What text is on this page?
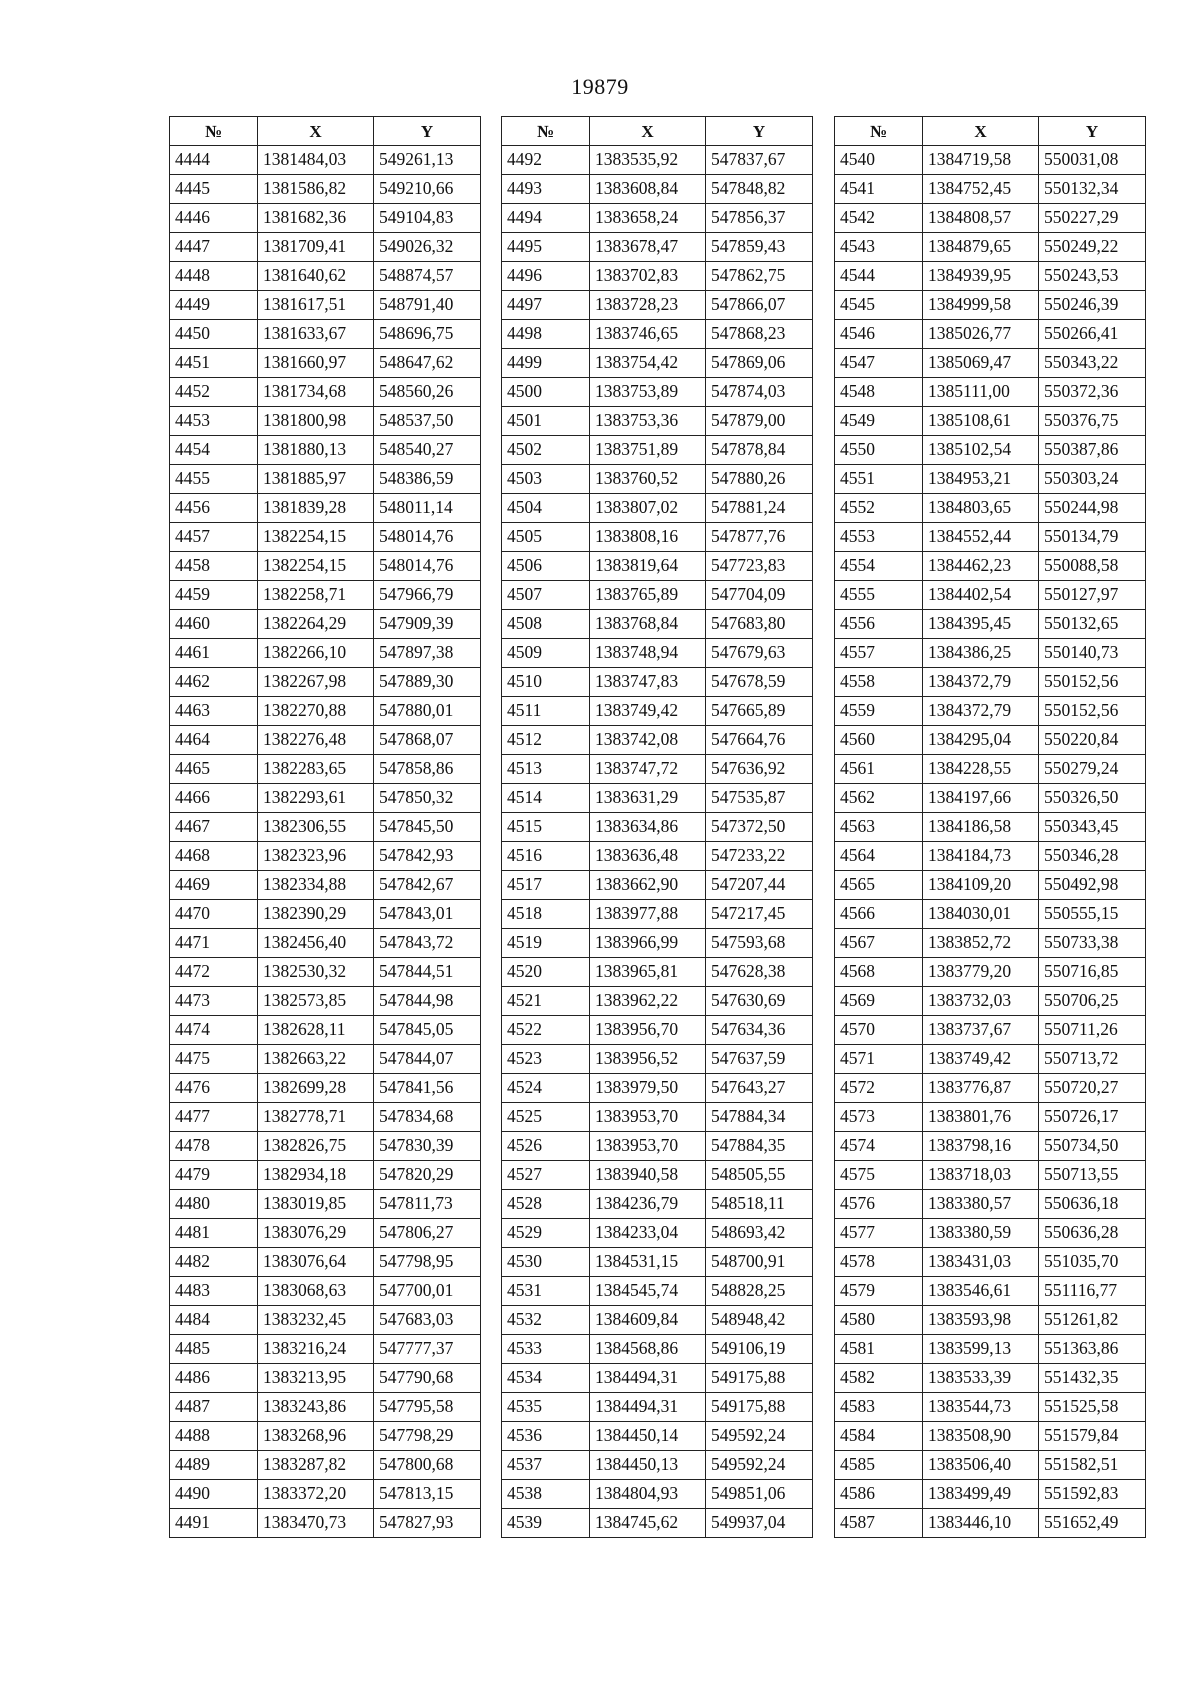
19879
№	X	Y
4444	1381484,03	549261,13
4445	1381586,82	549210,66
4446	1381682,36	549104,83
4447	1381709,41	549026,32
4448	1381640,62	548874,57
4449	1381617,51	548791,40
4450	1381633,67	548696,75
4451	1381660,97	548647,62
4452	1381734,68	548560,26
4453	1381800,98	548537,50
4454	1381880,13	548540,27
4455	1381885,97	548386,59
4456	1381839,28	548011,14
4457	1382254,15	548014,76
4458	1382254,15	548014,76
4459	1382258,71	547966,79
4460	1382264,29	547909,39
4461	1382266,10	547897,38
4462	1382267,98	547889,30
4463	1382270,88	547880,01
4464	1382276,48	547868,07
4465	1382283,65	547858,86
4466	1382293,61	547850,32
4467	1382306,55	547845,50
4468	1382323,96	547842,93
4469	1382334,88	547842,67
4470	1382390,29	547843,01
4471	1382456,40	547843,72
4472	1382530,32	547844,51
4473	1382573,85	547844,98
4474	1382628,11	547845,05
4475	1382663,22	547844,07
4476	1382699,28	547841,56
4477	1382778,71	547834,68
4478	1382826,75	547830,39
4479	1382934,18	547820,29
4480	1383019,85	547811,73
4481	1383076,29	547806,27
4482	1383076,64	547798,95
4483	1383068,63	547700,01
4484	1383232,45	547683,03
4485	1383216,24	547777,37
4486	1383213,95	547790,68
4487	1383243,86	547795,58
4488	1383268,96	547798,29
4489	1383287,82	547800,68
4490	1383372,20	547813,15
4491	1383470,73	547827,93
№	X	Y
4492	1383535,92	547837,67
4493	1383608,84	547848,82
4494	1383658,24	547856,37
4495	1383678,47	547859,43
4496	1383702,83	547862,75
4497	1383728,23	547866,07
4498	1383746,65	547868,23
4499	1383754,42	547869,06
4500	1383753,89	547874,03
4501	1383753,36	547879,00
4502	1383751,89	547878,84
4503	1383760,52	547880,26
4504	1383807,02	547881,24
4505	1383808,16	547877,76
4506	1383819,64	547723,83
4507	1383765,89	547704,09
4508	1383768,84	547683,80
4509	1383748,94	547679,63
4510	1383747,83	547678,59
4511	1383749,42	547665,89
4512	1383742,08	547664,76
4513	1383747,72	547636,92
4514	1383631,29	547535,87
4515	1383634,86	547372,50
4516	1383636,48	547233,22
4517	1383662,90	547207,44
4518	1383977,88	547217,45
4519	1383966,99	547593,68
4520	1383965,81	547628,38
4521	1383962,22	547630,69
4522	1383956,70	547634,36
4523	1383956,52	547637,59
4524	1383979,50	547643,27
4525	1383953,70	547884,34
4526	1383953,70	547884,35
4527	1383940,58	548505,55
4528	1384236,79	548518,11
4529	1384233,04	548693,42
4530	1384531,15	548700,91
4531	1384545,74	548828,25
4532	1384609,84	548948,42
4533	1384568,86	549106,19
4534	1384494,31	549175,88
4535	1384494,31	549175,88
4536	1384450,14	549592,24
4537	1384450,13	549592,24
4538	1384804,93	549851,06
4539	1384745,62	549937,04
№	X	Y
4540	1384719,58	550031,08
4541	1384752,45	550132,34
4542	1384808,57	550227,29
4543	1384879,65	550249,22
4544	1384939,95	550243,53
4545	1384999,58	550246,39
4546	1385026,77	550266,41
4547	1385069,47	550343,22
4548	1385111,00	550372,36
4549	1385108,61	550376,75
4550	1385102,54	550387,86
4551	1384953,21	550303,24
4552	1384803,65	550244,98
4553	1384552,44	550134,79
4554	1384462,23	550088,58
4555	1384402,54	550127,97
4556	1384395,45	550132,65
4557	1384386,25	550140,73
4558	1384372,79	550152,56
4559	1384372,79	550152,56
4560	1384295,04	550220,84
4561	1384228,55	550279,24
4562	1384197,66	550326,50
4563	1384186,58	550343,45
4564	1384184,73	550346,28
4565	1384109,20	550492,98
4566	1384030,01	550555,15
4567	1383852,72	550733,38
4568	1383779,20	550716,85
4569	1383732,03	550706,25
4570	1383737,67	550711,26
4571	1383749,42	550713,72
4572	1383776,87	550720,27
4573	1383801,76	550726,17
4574	1383798,16	550734,50
4575	1383718,03	550713,55
4576	1383380,57	550636,18
4577	1383380,59	550636,28
4578	1383431,03	551035,70
4579	1383546,61	551116,77
4580	1383593,98	551261,82
4581	1383599,13	551363,86
4582	1383533,39	551432,35
4583	1383544,73	551525,58
4584	1383508,90	551579,84
4585	1383506,40	551582,51
4586	1383499,49	551592,83
4587	1383446,10	551652,49
